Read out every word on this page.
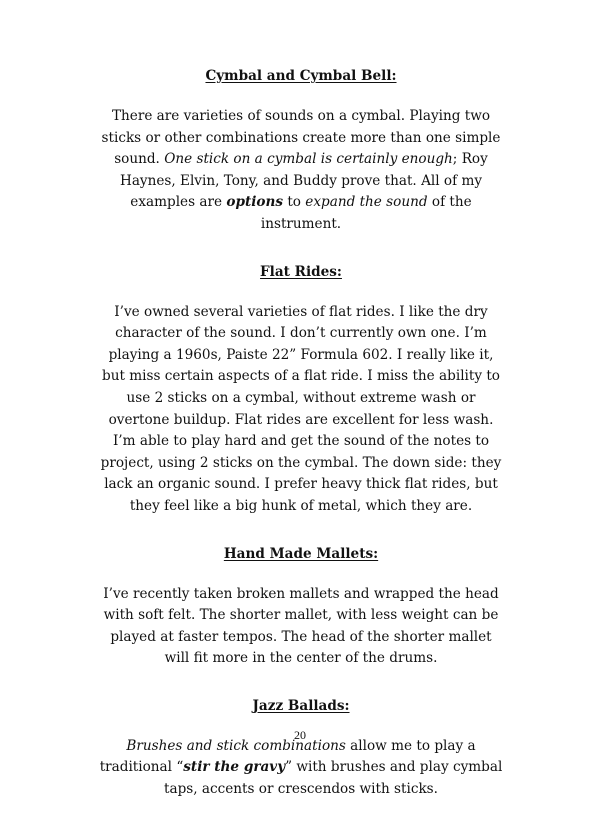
Cymbal and Cymbal Bell:

There are varieties of sounds on a cymbal. Playing two sticks or other combinations create more than one simple sound. One stick on a cymbal is certainly enough; Roy Haynes, Elvin, Tony, and Buddy prove that. All of my examples are options to expand the sound of the instrument.

Flat Rides:

I’ve owned several varieties of flat rides. I like the dry character of the sound. I don’t currently own one. I’m playing a 1960s, Paiste 22” Formula 602. I really like it, but miss certain aspects of a flat ride. I miss the ability to use 2 sticks on a cymbal, without extreme wash or overtone buildup. Flat rides are excellent for less wash. I’m able to play hard and get the sound of the notes to project, using 2 sticks on the cymbal. The down side: they lack an organic sound. I prefer heavy thick flat rides, but they feel like a big hunk of metal, which they are.

Hand Made Mallets:

I’ve recently taken broken mallets and wrapped the head with soft felt. The shorter mallet, with less weight can be played at faster tempos. The head of the shorter mallet will fit more in the center of the drums.

Jazz Ballads:

Brushes and stick combinations allow me to play a traditional “stir the gravy” with brushes and play cymbal taps, accents or crescendos with sticks.

20
